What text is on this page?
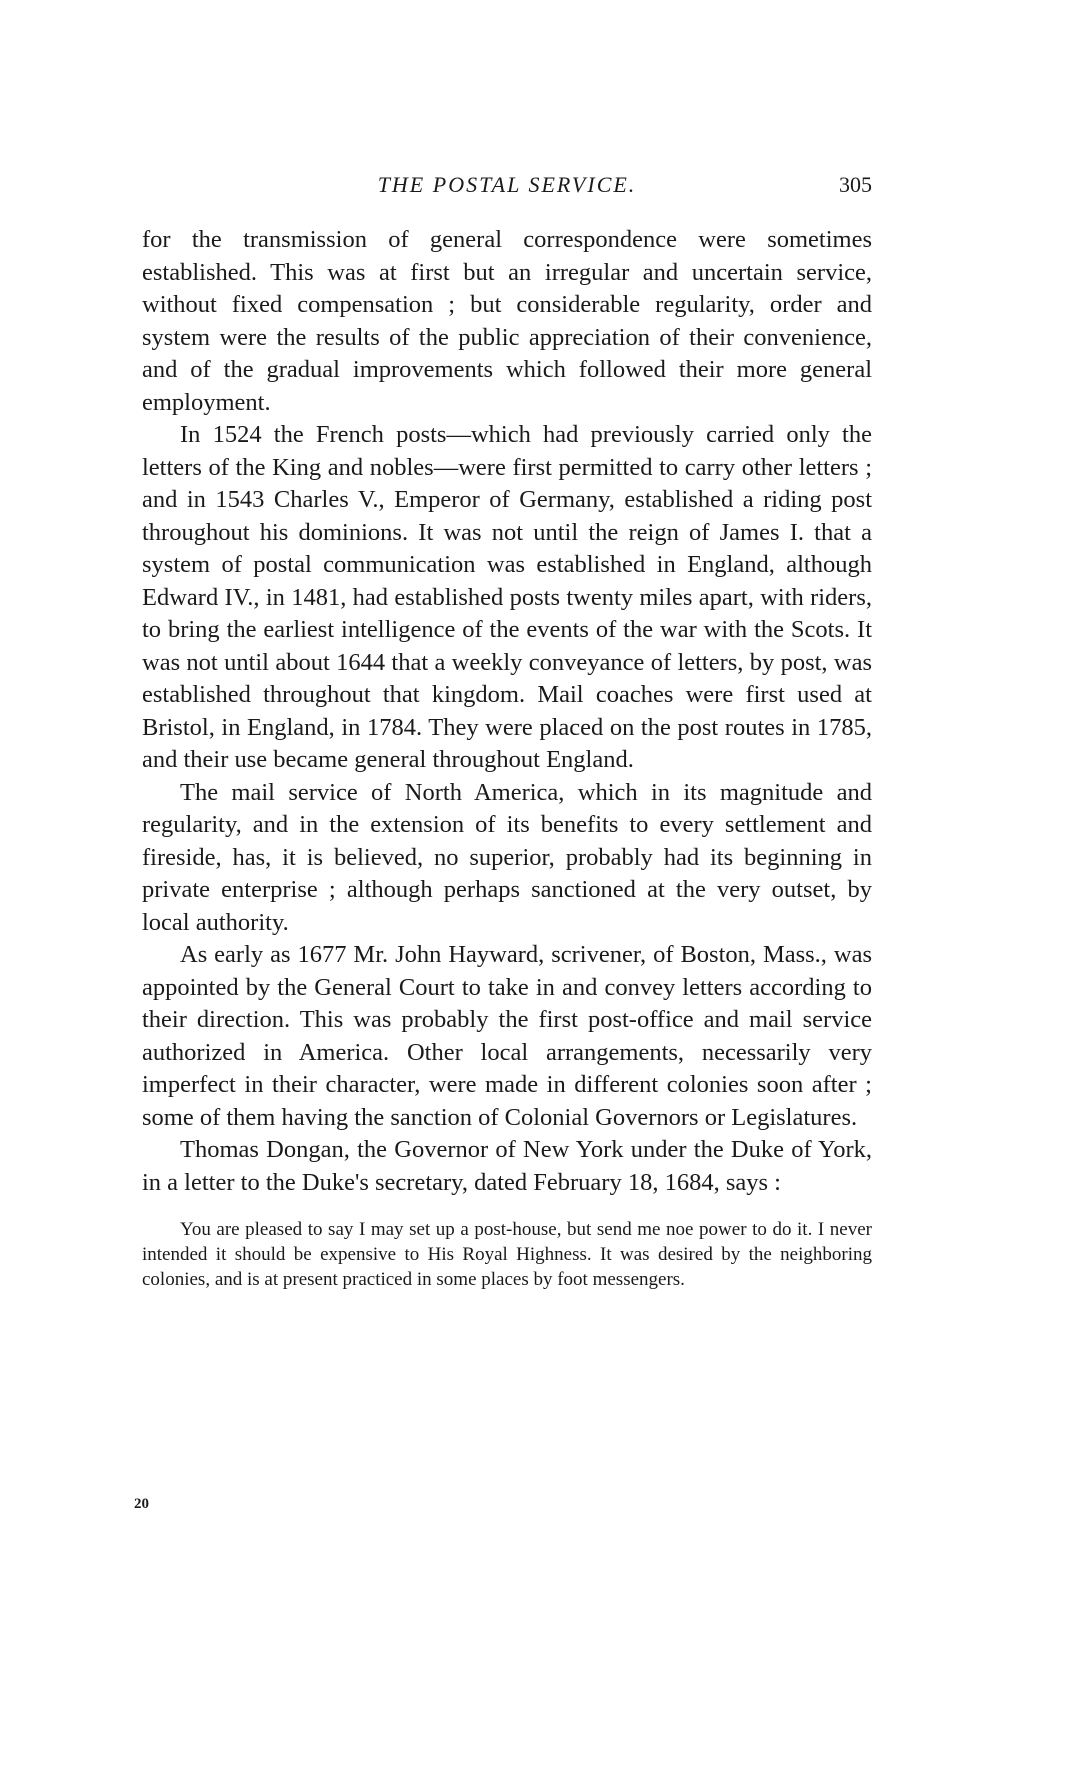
THE POSTAL SERVICE.	305

for the transmission of general correspondence were sometimes established. This was at first but an irregular and uncertain service, without fixed compensation ; but considerable regularity, order and system were the results of the public appreciation of their convenience, and of the gradual improvements which followed their more general employment.

In 1524 the French posts—which had previously carried only the letters of the King and nobles—were first permitted to carry other letters ; and in 1543 Charles V., Emperor of Germany, established a riding post throughout his dominions. It was not until the reign of James I. that a system of postal communication was established in England, although Edward IV., in 1481, had established posts twenty miles apart, with riders, to bring the earliest intelligence of the events of the war with the Scots. It was not until about 1644 that a weekly conveyance of letters, by post, was established throughout that kingdom. Mail coaches were first used at Bristol, in England, in 1784. They were placed on the post routes in 1785, and their use became general throughout England.

The mail service of North America, which in its magnitude and regularity, and in the extension of its benefits to every settlement and fireside, has, it is believed, no superior, probably had its beginning in private enterprise ; although perhaps sanctioned at the very outset, by local authority.

As early as 1677 Mr. John Hayward, scrivener, of Boston, Mass., was appointed by the General Court to take in and convey letters according to their direction. This was probably the first post-office and mail service authorized in America. Other local arrangements, necessarily very imperfect in their character, were made in different colonies soon after ; some of them having the sanction of Colonial Governors or Legislatures.

Thomas Dongan, the Governor of New York under the Duke of York, in a letter to the Duke's secretary, dated February 18, 1684, says :

You are pleased to say I may set up a post-house, but send me noe power to do it. I never intended it should be expensive to His Royal Highness. It was desired by the neighboring colonies, and is at present practiced in some places by foot messengers.

20
